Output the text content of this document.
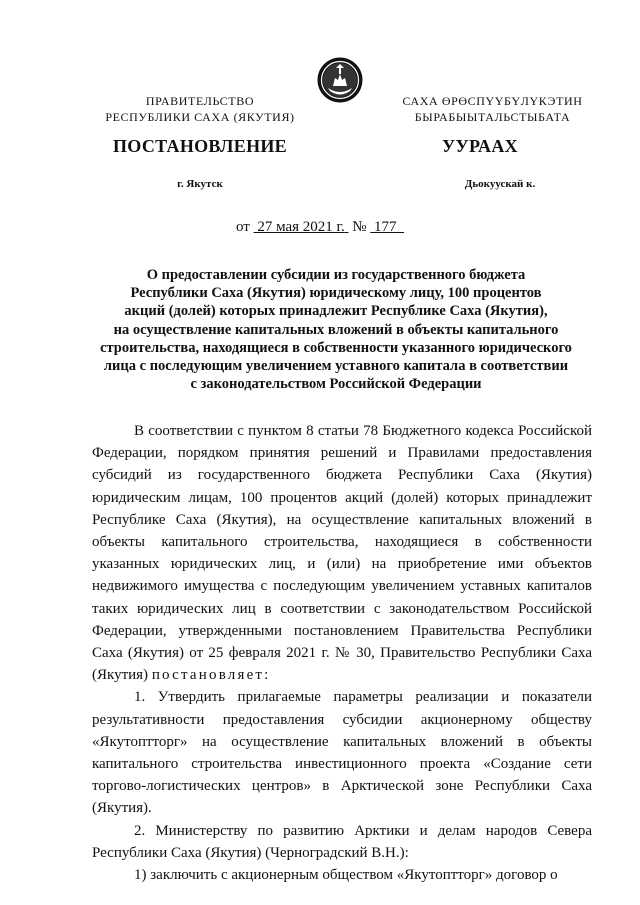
ПРАВИТЕЛЬСТВО
РЕСПУБЛИКИ САХА (ЯКУТИЯ)
САХА ӨРӨСПҮҮБҮЛҮКЭТИН
БЫРАБЫЫТАЛЬСТЫБАТА
ПОСТАНОВЛЕНИЕ	УУРААХ
г. Якутск	Дьокуускай к.
от 27 мая 2021 г. № 177
О предоставлении субсидии из государственного бюджета
Республики Саха (Якутия) юридическому лицу, 100 процентов
акций (долей) которых принадлежит Республике Саха (Якутия),
на осуществление капитальных вложений в объекты капитального
строительства, находящиеся в собственности указанного юридического
лица с последующим увеличением уставного капитала в соответствии
с законодательством Российской Федерации

В соответствии с пунктом 8 статьи 78 Бюджетного кодекса Российской Федерации, порядком принятия решений и Правилами предоставления субсидий из государственного бюджета Республики Саха (Якутия) юридическим лицам, 100 процентов акций (долей) которых принадлежит Республике Саха (Якутия), на осуществление капитальных вложений в объекты капитального строительства, находящиеся в собственности указанных юридических лиц, и (или) на приобретение ими объектов недвижимого имущества с последующим увеличением уставных капиталов таких юридических лиц в соответствии с законодательством Российской Федерации, утвержденными постановлением Правительства Республики Саха (Якутия) от 25 февраля 2021 г. № 30, Правительство Республики Саха (Якутия) постановляет:

1. Утвердить прилагаемые параметры реализации и показатели результативности предоставления субсидии акционерному обществу «Якутоптторг» на осуществление капитальных вложений в объекты капитального строительства инвестиционного проекта «Создание сети торгово-логистических центров» в Арктической зоне Республики Саха (Якутия).

2. Министерству по развитию Арктики и делам народов Севера Республики Саха (Якутия) (Черноградский В.Н.):

1) заключить с акционерным обществом «Якутоптторг» договор о
